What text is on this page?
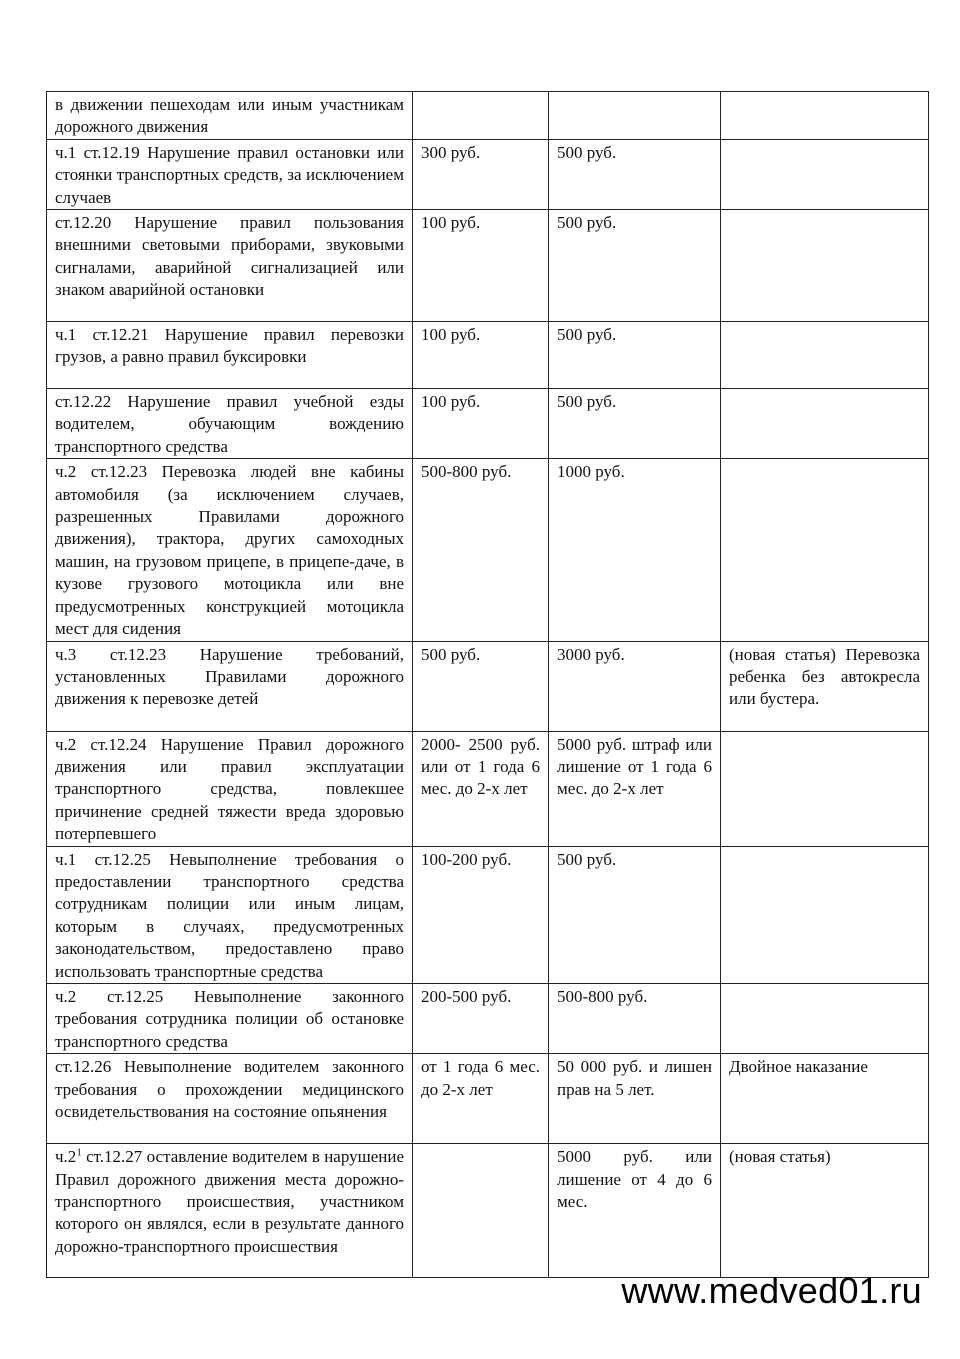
в движении пешеходам или иным участникам дорожного движения			
ч.1 ст.12.19 Нарушение правил остановки или стоянки транспортных средств, за исключением случаев	300 руб.	500 руб.	
ст.12.20 Нарушение правил пользования внешними световыми приборами, звуковыми сигналами, аварийной сигнализацией или знаком аварийной остановки	100 руб.	500 руб.	
ч.1 ст.12.21 Нарушение правил перевозки грузов, а равно правил буксировки	100 руб.	500 руб.	
ст.12.22 Нарушение правил учебной езды водителем, обучающим вождению транспортного средства	100 руб.	500 руб.	
ч.2 ст.12.23 Перевозка людей вне кабины автомобиля (за исключением случаев, разрешенных Правилами дорожного движения), трактора, других самоходных машин, на грузовом прицепе, в прицепе-даче, в кузове грузового мотоцикла или вне предусмотренных конструкцией мотоцикла мест для сидения	500-800 руб.	1000 руб.	
ч.3 ст.12.23 Нарушение требований, установленных Правилами дорожного движения к перевозке детей	500 руб.	3000 руб.	(новая статья) Перевозка ребенка без автокресла или бустера.
ч.2 ст.12.24 Нарушение Правил дорожного движения или правил эксплуатации транспортного средства, повлекшее причинение средней тяжести вреда здоровью потерпевшего	2000- 2500 руб. или от 1 года 6 мес. до 2-х лет	5000 руб. штраф или лишение от 1 года 6 мес. до 2-х лет	
ч.1 ст.12.25 Невыполнение требования о предоставлении транспортного средства сотрудникам полиции или иным лицам, которым в случаях, предусмотренных законодательством, предоставлено право использовать транспортные средства	100-200 руб.	500 руб.	
ч.2 ст.12.25 Невыполнение законного требования сотрудника полиции об остановке транспортного средства	200-500 руб.	500-800 руб.	
ст.12.26 Невыполнение водителем законного требования о прохождении медицинского освидетельствования на состояние опьянения	от 1 года 6 мес. до 2-х лет	50 000 руб. и лишен прав на 5 лет.	Двойное наказание
$ч.2^1$ ст.12.27 оставление водителем в нарушение Правил дорожного движения места дорожно-транспортного происшествия, участником которого он являлся, если в результате данного дорожно-транспортного происшествия		5000 руб. или лишение от 4 до 6 мес.	(новая статья)
www.medved01.ru
